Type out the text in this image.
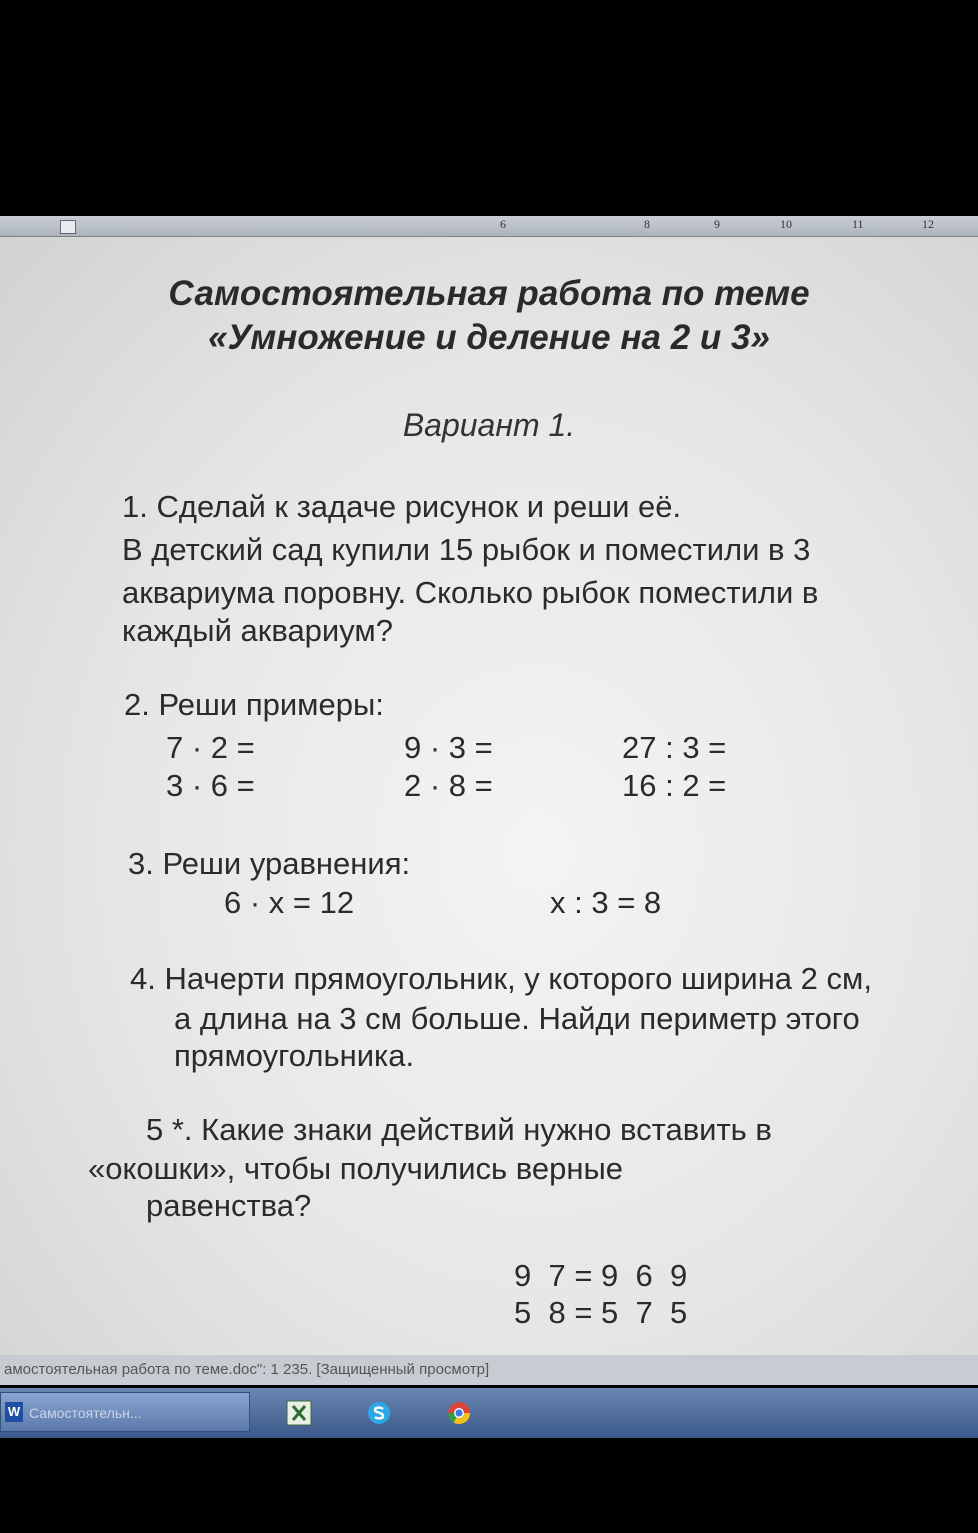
6	8	9	10	11	12
Самостоятельная работа по теме
«Умножение и деление на 2 и 3»
Вариант 1.
1. Сделай к задаче рисунок и реши её.
В детский сад купили 15 рыбок и поместили в 3
аквариума поровну. Сколько рыбок поместили в
каждый аквариум?
2. Реши примеры:
7 · 2 =	9 · 3 =	27 : 3 =
3 · 6 =	2 · 8 =	16 : 2 =
3. Реши уравнения:
6 · х = 12	х : 3 = 8
4. Начерти прямоугольник, у которого ширина 2 см,
а длина на 3 см больше. Найди периметр этого
прямоугольника.
5 *. Какие знаки действий нужно вставить в
«окошки», чтобы получились верные
равенства?
9  7 = 9  6  9
5  8 = 5  7  5
амостоятельная работа по теме.doc": 1 235. [Защищенный просмотр]
W Самостоятельн...
